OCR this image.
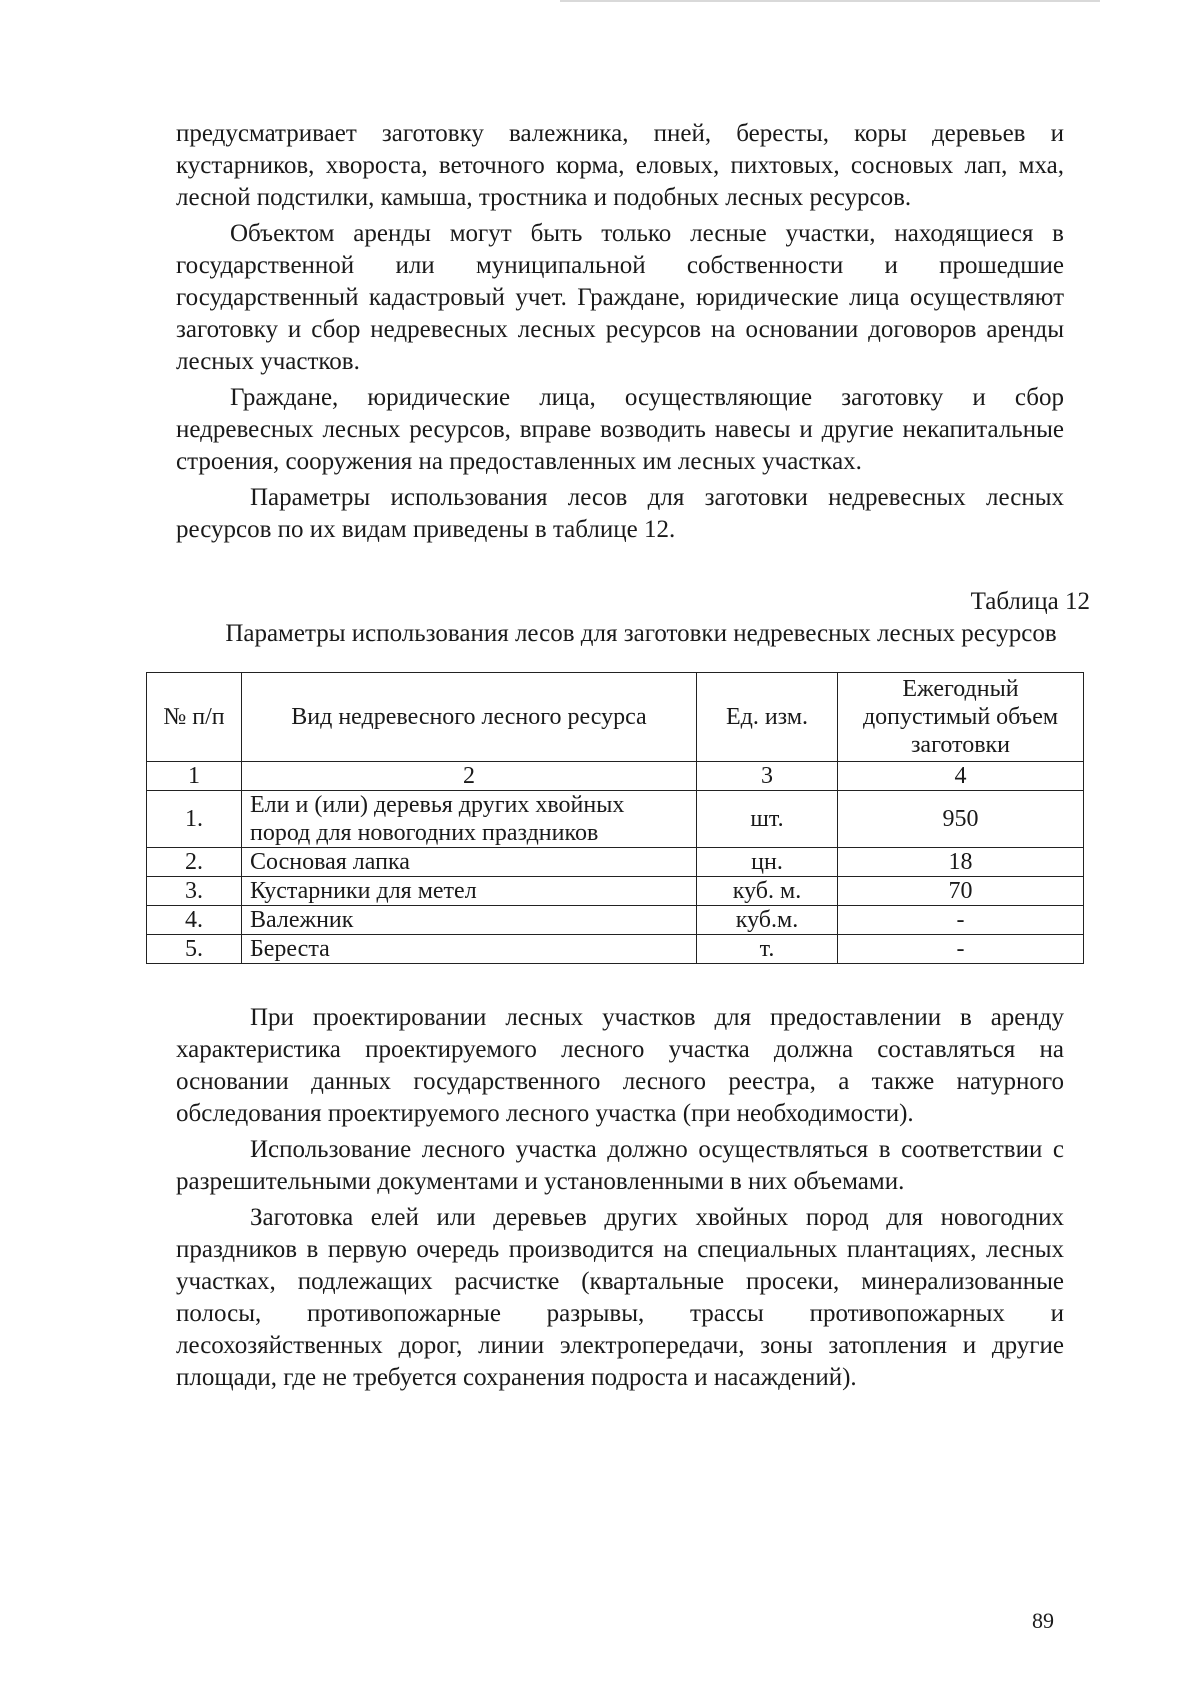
предусматривает заготовку валежника, пней, бересты, коры деревьев и кустарников, хвороста, веточного корма, еловых, пихтовых, сосновых лап, мха, лесной подстилки, камыша, тростника и подобных лесных ресурсов.

Объектом аренды могут быть только лесные участки, находящиеся в государственной или муниципальной собственности и прошедшие государственный кадастровый учет. Граждане, юридические лица осуществляют заготовку и сбор недревесных лесных ресурсов на основании договоров аренды лесных участков.

Граждане, юридические лица, осуществляющие заготовку и сбор недревесных лесных ресурсов, вправе возводить навесы и другие некапитальные строения, сооружения на предоставленных им лесных участках.

Параметры использования лесов для заготовки недревесных лесных ресурсов по их видам приведены в таблице 12.

Таблица 12
Параметры использования лесов для заготовки недревесных лесных ресурсов
№ п/п	Вид недревесного лесного ресурса	Ед. изм.	Ежегодный допустимый объем заготовки
1	2	3	4
1.	Ели и (или) деревья других хвойных пород для новогодних праздников	шт.	950
2.	Сосновая лапка	цн.	18
3.	Кустарники для метел	куб. м.	70
4.	Валежник	куб.м.	-
5.	Береста	т.	-

При проектировании лесных участков для предоставлении в аренду характеристика проектируемого лесного участка должна составляться на основании данных государственного лесного реестра, а также натурного обследования проектируемого лесного участка (при необходимости).

Использование лесного участка должно осуществляться в соответствии с разрешительными документами и установленными в них объемами.

Заготовка елей или деревьев других хвойных пород для новогодних праздников в первую очередь производится на специальных плантациях, лесных участках, подлежащих расчистке (квартальные просеки, минерализованные полосы, противопожарные разрывы, трассы противопожарных и лесохозяйственных дорог, линии электропередачи, зоны затопления и другие площади, где не требуется сохранения подроста и насаждений).

89
